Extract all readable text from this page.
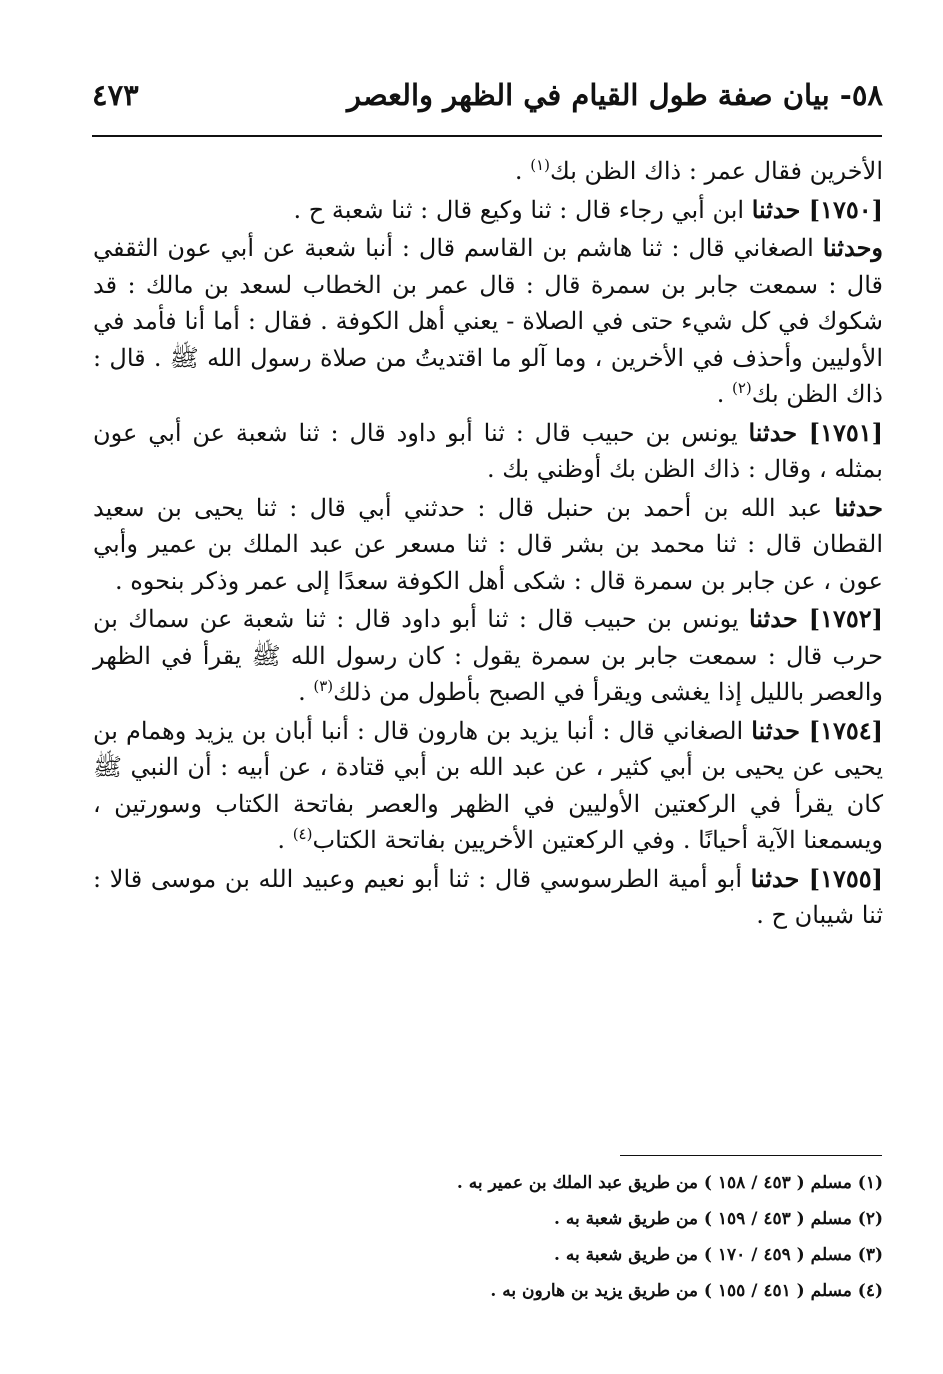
٥٨- بيان صفة طول القيام في الظهر والعصر
٤٧٣

الأخرين فقال عمر : ذاك الظن بك$^{(١)}$ .

[١٧٥٠] حدثنا ابن أبي رجاء قال : ثنا وكيع قال : ثنا شعبة ح .

وحدثنا الصغاني قال : ثنا هاشم بن القاسم قال : أنبا شعبة عن أبي عون الثقفي قال : سمعت جابر بن سمرة قال : قال عمر بن الخطاب لسعد بن مالك : قد شكوك في كل شيء حتى في الصلاة - يعني أهل الكوفة . فقال : أما أنا فأمد في الأوليين وأحذف في الأخرين ، وما آلو ما اقتديتُ من صلاة رسول الله ﷺ . قال : ذاك الظن بك$^{(٢)}$ .

[١٧٥١] حدثنا يونس بن حبيب قال : ثنا أبو داود قال : ثنا شعبة عن أبي عون بمثله ، وقال : ذاك الظن بك أوظني بك .

حدثنا عبد الله بن أحمد بن حنبل قال : حدثني أبي قال : ثنا يحيى بن سعيد القطان قال : ثنا محمد بن بشر قال : ثنا مسعر عن عبد الملك بن عمير وأبي عون ، عن جابر بن سمرة قال : شكى أهل الكوفة سعدًا إلى عمر وذكر بنحوه .

[١٧٥٢] حدثنا يونس بن حبيب قال : ثنا أبو داود قال : ثنا شعبة عن سماك بن حرب قال : سمعت جابر بن سمرة يقول : كان رسول الله ﷺ يقرأ في الظهر والعصر بالليل إذا يغشى ويقرأ في الصبح بأطول من ذلك$^{(٣)}$ .

[١٧٥٤] حدثنا الصغاني قال : أنبا يزيد بن هارون قال : أنبا أبان بن يزيد وهمام بن يحيى عن يحيى بن أبي كثير ، عن عبد الله بن أبي قتادة ، عن أبيه : أن النبي ﷺ كان يقرأ في الركعتين الأوليين في الظهر والعصر بفاتحة الكتاب وسورتين ، ويسمعنا الآية أحيانًا . وفي الركعتين الأخريين بفاتحة الكتاب$^{(٤)}$ .

[١٧٥٥] حدثنا أبو أمية الطرسوسي قال : ثنا أبو نعيم وعبيد الله بن موسى قالا : ثنا شيبان ح .

(١) مسلم ( ٤٥٣ / ١٥٨ ) من طريق عبد الملك بن عمير به .
(٢) مسلم ( ٤٥٣ / ١٥٩ ) من طريق شعبة به .
(٣) مسلم ( ٤٥٩ / ١٧٠ ) من طريق شعبة به .
(٤) مسلم ( ٤٥١ / ١٥٥ ) من طريق يزيد بن هارون به .
